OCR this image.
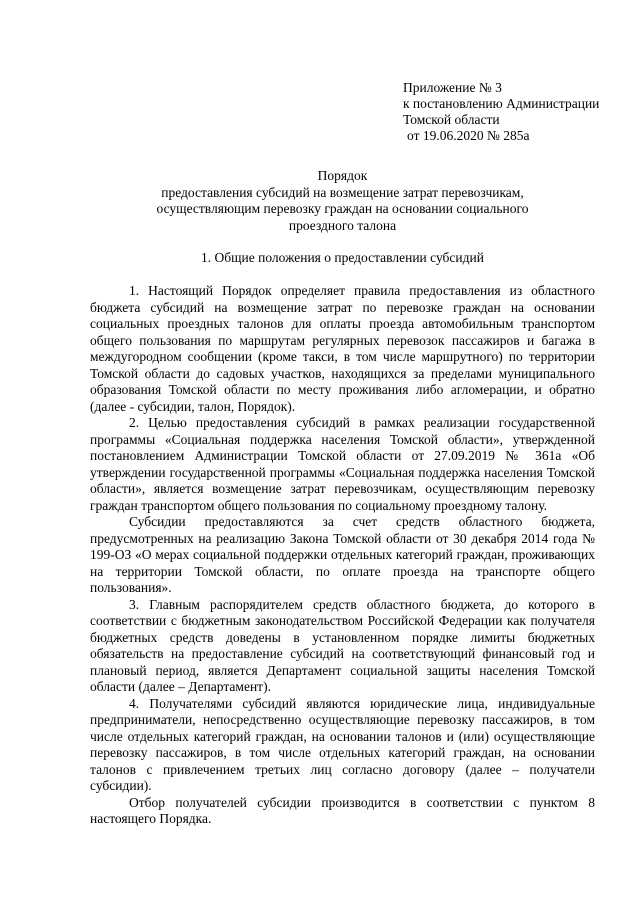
Приложение № 3
к постановлению Администрации
Томской области
от 19.06.2020 № 285а
Порядок
предоставления субсидий на возмещение затрат перевозчикам,
осуществляющим перевозку граждан на основании социального
проездного талона
1. Общие положения о предоставлении субсидий

1. Настоящий Порядок определяет правила предоставления из областного бюджета субсидий на возмещение затрат по перевозке граждан на основании социальных проездных талонов для оплаты проезда автомобильным транспортом общего пользования по маршрутам регулярных перевозок пассажиров и багажа в междугородном сообщении (кроме такси, в том числе маршрутного) по территории Томской области до садовых участков, находящихся за пределами муниципального образования Томской области по месту проживания либо агломерации, и обратно (далее - субсидии, талон, Порядок).

2. Целью предоставления субсидий в рамках реализации государственной программы «Социальная поддержка населения Томской области», утвержденной постановлением Администрации Томской области от 27.09.2019 № 361а «Об утверждении государственной программы «Социальная поддержка населения Томской области», является возмещение затрат перевозчикам, осуществляющим перевозку граждан транспортом общего пользования по социальному проездному талону.

Субсидии предоставляются за счет средств областного бюджета, предусмотренных на реализацию Закона Томской области от 30 декабря 2014 года № 199-ОЗ «О мерах социальной поддержки отдельных категорий граждан, проживающих на территории Томской области, по оплате проезда на транспорте общего пользования».

3. Главным распорядителем средств областного бюджета, до которого в соответствии с бюджетным законодательством Российской Федерации как получателя бюджетных средств доведены в установленном порядке лимиты бюджетных обязательств на предоставление субсидий на соответствующий финансовый год и плановый период, является Департамент социальной защиты населения Томской области (далее – Департамент).

4. Получателями субсидий являются юридические лица, индивидуальные предприниматели, непосредственно осуществляющие перевозку пассажиров, в том числе отдельных категорий граждан, на основании талонов и (или) осуществляющие перевозку пассажиров, в том числе отдельных категорий граждан, на основании талонов с привлечением третьих лиц согласно договору (далее – получатели субсидии).

Отбор получателей субсидии производится в соответствии с пунктом 8 настоящего Порядка.
